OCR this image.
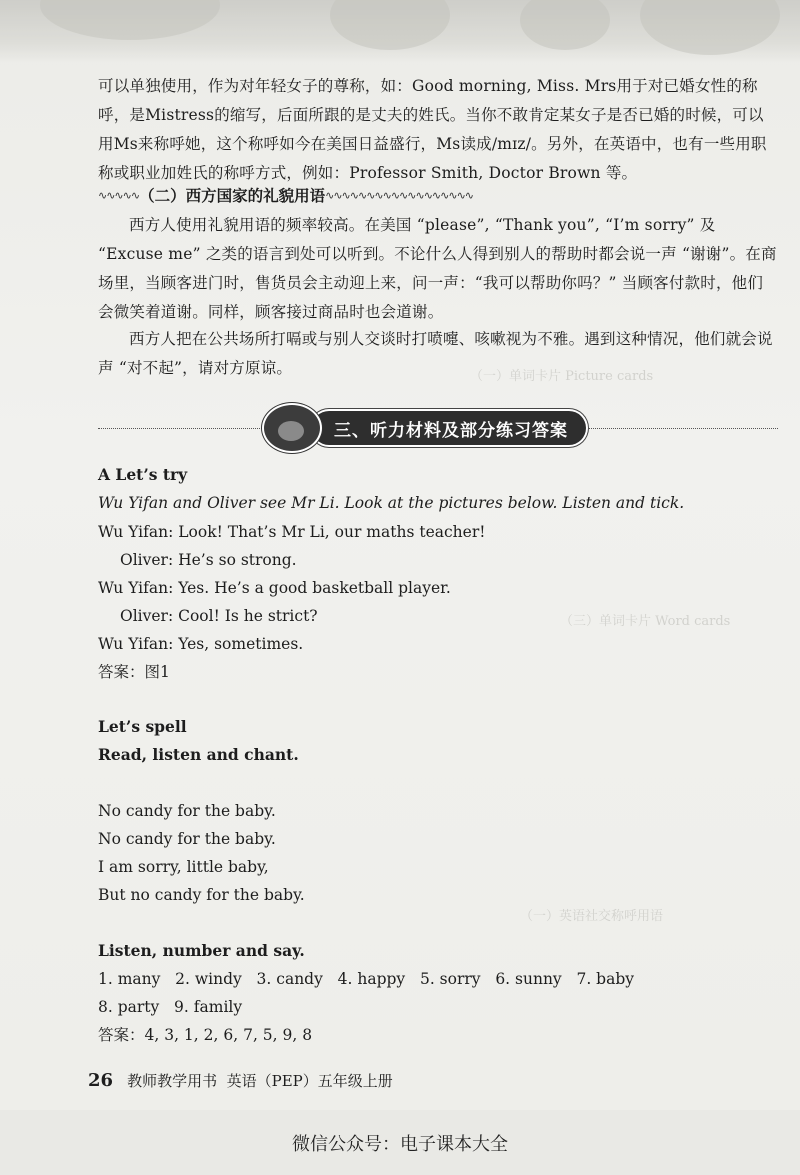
（一）单词卡片 Picture cards
（三）单词卡片 Word cards
（一）英语社交称呼用语

可以单独使用，作为对年轻女子的尊称，如：Good morning, Miss. Mrs用于对已婚女性的称呼，是Mistress的缩写，后面所跟的是丈夫的姓氏。当你不敢肯定某女子是否已婚的时候，可以用Ms来称呼她，这个称呼如今在美国日益盛行，Ms读成/mɪz/。另外，在英语中，也有一些用职称或职业加姓氏的称呼方式，例如：Professor Smith, Doctor Brown 等。

∿∿∿∿∿ （二）西方国家的礼貌用语 ∿∿∿∿∿∿∿∿∿∿∿∿∿∿∿∿∿∿

西方人使用礼貌用语的频率较高。在美国 “please”, “Thank you”, “I’m sorry” 及 “Excuse me” 之类的语言到处可以听到。不论什么人得到别人的帮助时都会说一声 “谢谢”。在商场里，当顾客进门时，售货员会主动迎上来，问一声：“我可以帮助你吗？” 当顾客付款时，他们会微笑着道谢。同样，顾客接过商品时也会道谢。

西方人把在公共场所打嗝或与别人交谈时打喷嚏、咳嗽视为不雅。遇到这种情况，他们就会说声 “对不起”，请对方原谅。

三、听力材料及部分练习答案

A Let’s try

Wu Yifan and Oliver see Mr Li. Look at the pictures below. Listen and tick.

Wu Yifan: Look! That’s Mr Li, our maths teacher!

Oliver: He’s so strong.

Wu Yifan: Yes. He’s a good basketball player.

Oliver: Cool! Is he strict?

Wu Yifan: Yes, sometimes.

答案：图1

Let’s spell

Read, listen and chant.

No candy for the baby.

No candy for the baby.

I am sorry, little baby,

But no candy for the baby.

Listen, number and say.

1. many   2. windy   3. candy   4. happy   5. sorry   6. sunny   7. baby

8. party   9. family

答案：4, 3, 1, 2, 6, 7, 5, 9, 8

26 教师教学用书  英语（PEP）五年级上册
微信公众号：电子课本大全
